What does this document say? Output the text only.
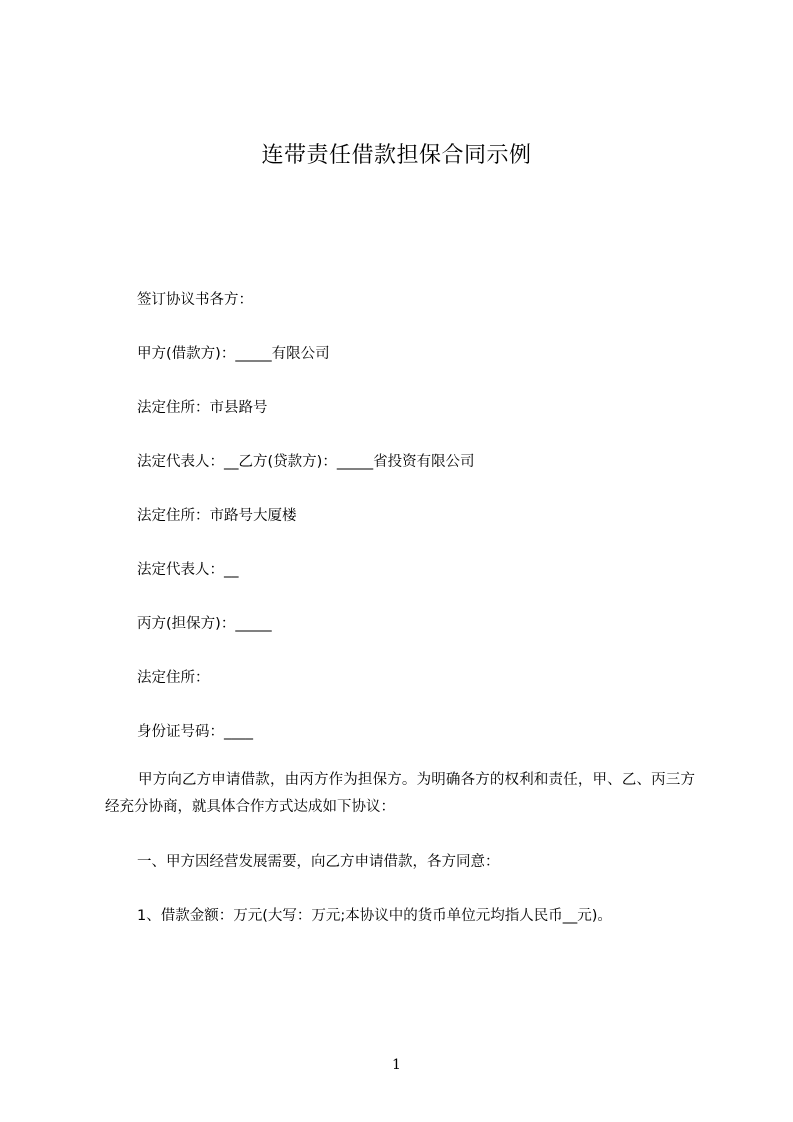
连带责任借款担保合同示例
签订协议书各方：
甲方(借款方)：_____有限公司
法定住所：市县路号
法定代表人：__乙方(贷款方)：_____省投资有限公司
法定住所：市路号大厦楼
法定代表人：__
丙方(担保方)：_____
法定住所：
身份证号码：____
甲方向乙方申请借款，由丙方作为担保方。为明确各方的权利和责任，甲、乙、丙三方经充分协商，就具体合作方式达成如下协议：
一、甲方因经营发展需要，向乙方申请借款，各方同意：
1、借款金额：万元(大写：万元;本协议中的货币单位元均指人民币__元)。
1
